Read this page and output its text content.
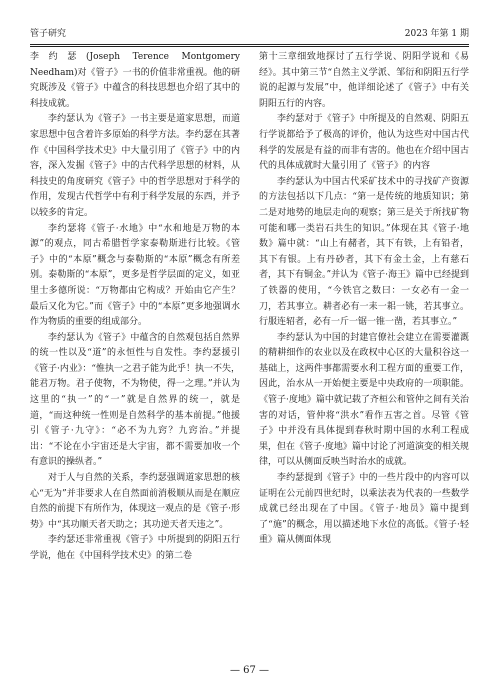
管子研究	2023 年第 1 期

李约瑟(Joseph Terence Montgomery Needham)对《管子》一书的价值非常重视。他的研究既涉及《管子》中蕴含的科技思想也介绍了其中的科技成就。

李约瑟认为《管子》一书主要是道家思想，而道家思想中包含着许多原始的科学方法。李约瑟在其著作《中国科学技术史》中大量引用了《管子》中的内容，深入发掘《管子》中的古代科学思想的材料，从科技史的角度研究《管子》中的哲学思想对于科学的作用，发现古代哲学中有利于科学发展的东西，并予以较多的肯定。

李约瑟将《管子·水地》中“水和地是万物的本源”的观点，同古希腊哲学家泰勒斯进行比较。《管子》中的“本原”概念与泰勒斯的“本原”概念有所差别。泰勒斯的“本原”，更多是哲学层面的定义，如亚里士多德所说：“万物都由它构成？开始由它产生？最后又化为它。”而《管子》中的“本原”更多地强调水作为物质的重要的组成部分。

李约瑟认为《管子》中蕴含的自然观包括自然界的统一性以及“道”的永恒性与自发性。李约瑟援引《管子·内业》：“惟执一之君子能为此乎！执一不失，能君万物。君子使物，不为物使，得一之理。”并认为这里的“执一”的“一”就是自然界的统一，就是道，“而这种统一性则是自然科学的基本前提。”他援引《管子·九守》：“必不为九窍？九窍治。”并提出：“不论在小宇宙还是大宇宙，都不需要加收一个有意识的操纵者。”

对于人与自然的关系，李约瑟强调道家思想的核心“无为”并非要求人在自然面前消极顺从而是在顺应自然的前提下有所作为，体现这一观点的是《管子·形势》中“其功顺天者天助之；其功逆天者天违之”。

李约瑟还非常重视《管子》中所提到的阴阳五行学说，他在《中国科学技术史》的第二卷

第十三章细致地探讨了五行学说、阴阳学说和《易经》。其中第三节“自然主义学派、邹衍和阴阳五行学说的起源与发展”中，他详细论述了《管子》中有关阴阳五行的内容。

李约瑟对于《管子》中所提及的自然观、阴阳五行学说都给予了极高的评价，他认为这些对中国古代科学的发展是有益的而非有害的。他也在介绍中国古代的具体成就时大量引用了《管子》的内容

李约瑟认为中国古代采矿技术中的寻找矿产资源的方法包括以下几点：“第一是传统的地质知识；第二是对地势的地层走向的观察；第三是关于所找矿物可能和哪一类岩石共生的知识。”体现在其《管子·地数》篇中就：“山上有赭者，其下有铁，上有铅者，其下有银。上有丹砂者，其下有金土金，上有慈石者，其下有铜金。”并认为《管子·海王》篇中已经提到了铁器的使用，“今铁官之数曰：一女必有一金一刀，若其事立。耕者必有一耒一耜一铫，若其事立。行服连轺者，必有一斤一锯一锥一凿，若其事立。”

李约瑟认为中国的封建官僚社会建立在需要灌溉的精耕细作的农业以及在政权中心区的大量积谷这一基础上，这两件事都需要水利工程方面的重要工作，因此，治水从一开始便主要是中央政府的一项职能。《管子·度地》篇中就记载了齐桓公和管仲之间有关治害的对话，管仲将“洪水”看作五害之首。尽管《管子》中并没有具体提到春秋时期中国的水利工程成果，但在《管子·度地》篇中讨论了河道演变的相关规律，可以从侧面反映当时治水的成就。

李约瑟提到《管子》中的一些片段中的内容可以证明在公元前四世纪时，以乘法表为代表的一些数学成就已经出现在了中国。《管子·地员》篇中提到了“施”的概念，用以描述地下水位的高低。《管子·轻重》篇从侧面体现

— 67 —
